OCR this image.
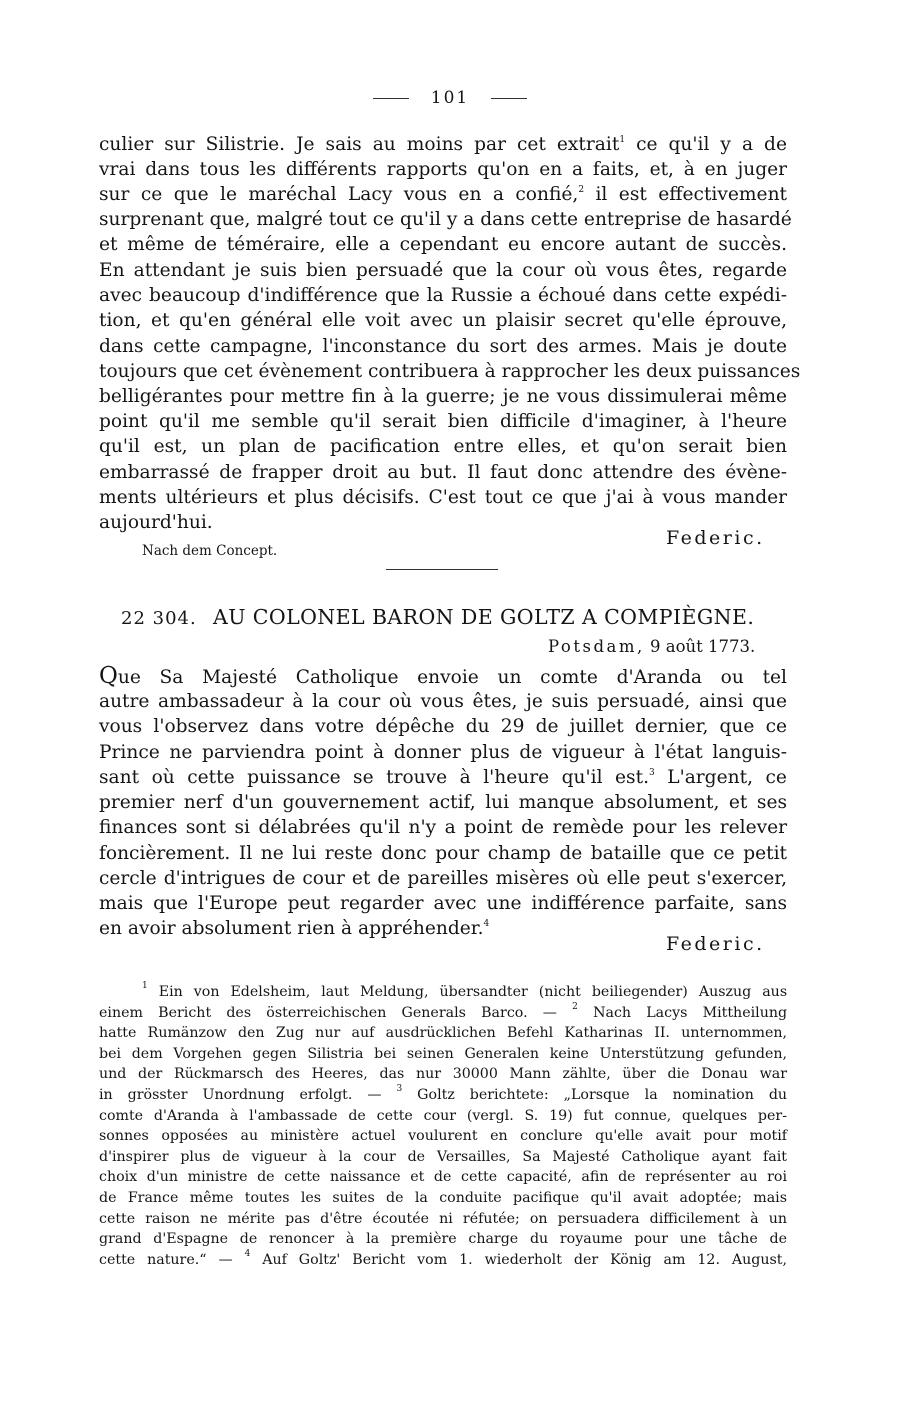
101
culier sur Silistrie. Je sais au moins par cet extrait$^1$ ce qu'il y a de
vrai dans tous les différents rapports qu'on en a faits, et, à en juger
sur ce que le maréchal Lacy vous en a confé,$^2$ il est efectivement
surprenant que, malgré tout ce qu'il y a dans cette entreprise de hasardé
et même de téméraire, elle a cependant eu encore autant de succès.
En attendant je suis bien persuadé que la cour où vous êtes, regarde
avec beaucoup d'indifférence que la Russie a échoué dans cette expédi-
tion, et qu'en général elle voit avec un plaisir secret qu'elle éprouve,
dans cette campagne, l'inconstance du sort des armes. Mais je doute
toujours que cet évènement contribuera à rapprocher les deux puissances
belligérantes pour mettre fin à la guerre; je ne vous dissimulerai même
point qu'il me semble qu'il serait bien difficile d'imaginer, à l'heure
qu'il est, un plan de pacification entre elles, et qu'on serait bien
embarrassé de frapper droit au but. Il faut donc attendre des évène-
ments ultérieurs et plus décisifs. C'est tout ce que j'ai à vous mander
aujourd'hui.
Federic.
Nach dem Concept.
22 304. AU COLONEL BARON DE GOLTZ A COMPIÈGNE.
Potsdam, 9 août 1773.
Que Sa Majesté Catholique envoie un comte d'Aranda ou tel
autre ambassadeur à la cour où vous êtes, je suis persuadé, ainsi que
vous l'observez dans votre dépêche du 29 de juillet dernier, que ce
Prince ne parviendra point à donner plus de vigueur à l'état languis-
sant où cette puissance se trouve à l'heure qu'il est.$^3$ L'argent, ce
premier nerf d'un gouvernement actif, lui manque absolument, et ses
finances sont si délabrées qu'il n'y a point de remède pour les relever
foncièrement. Il ne lui reste donc pour champ de bataille que ce petit
cercle d'intrigues de cour et de pareilles misères où elle peut s'exercer,
mais que l'Europe peut regarder avec une indifférence parfaite, sans
en avoir absolument rien à appréhender.$^4$
Federic.
$^1$ Ein von Edelsheim, laut Meldung, übersandter (nicht beiliegender) Auszug aus
einem Bericht des österreichischen Generals Barco. — $^2$ Nach Lacys Mittheilung
hatte Rumänzow den Zug nur auf ausdrücklichen Befehl Katharinas II. unternommen,
bei dem Vorgehen gegen Silistria bei seinen Generalen keine Unterstützung gefunden,
und der Rückmarsch des Heeres, das nur 30000 Mann zählte, über die Donau war
in grösster Unordnung erfolgt. — $^3$ Goltz berichtete: „Lorsque la nomination du
comte d'Aranda à l'ambassade de cette cour (vergl. S. 19) fut connue, quelques per-
sonnes opposées au ministère actuel voulurent en conclure qu'elle avait pour motif
d'inspirer plus de vigueur à la cour de Versailles, Sa Majesté Catholique ayant fait
choix d'un ministre de cette naissance et de cette capacité, afin de représenter au roi
de France même toutes les suites de la conduite pacifique qu'il avait adoptée; mais
cette raison ne mérite pas d'être écoutée ni réfutée; on persuadera difficilement à un
grand d'Espagne de renoncer à la première charge du royaume pour une tâche de
cette nature.“ — $^4$ Auf Goltz' Bericht vom 1. wiederholt der König am 12. August,
